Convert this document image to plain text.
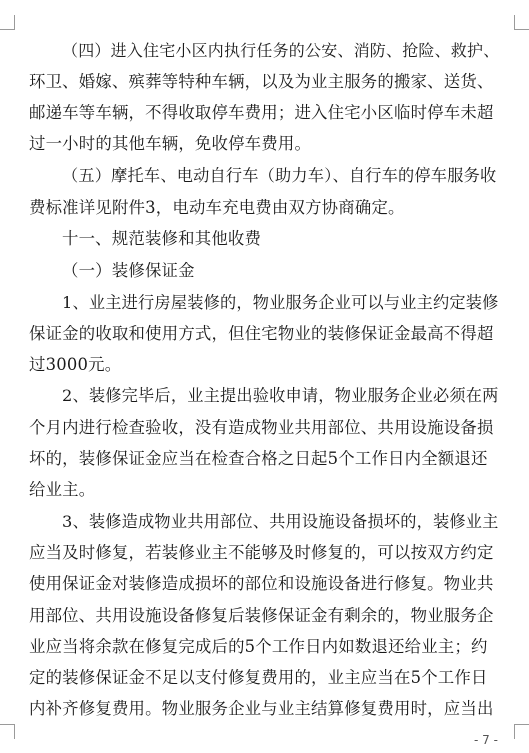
（四）进入住宅小区内执行任务的公安、消防、抢险、救护、
环卫、婚嫁、殡葬等特种车辆，以及为业主服务的搬家、送货、
邮递车等车辆，不得收取停车费用；进入住宅小区临时停车未超
过一小时的其他车辆，免收停车费用。
（五）摩托车、电动自行车（助力车）、自行车的停车服务收
费标准详见附件3，电动车充电费由双方协商确定。
十一、规范装修和其他收费
（一）装修保证金
1、业主进行房屋装修的，物业服务企业可以与业主约定装修
保证金的收取和使用方式，但住宅物业的装修保证金最高不得超
过3000元。
2、装修完毕后，业主提出验收申请，物业服务企业必须在两
个月内进行检查验收，没有造成物业共用部位、共用设施设备损
坏的，装修保证金应当在检查合格之日起5个工作日内全额退还
给业主。
3、装修造成物业共用部位、共用设施设备损坏的，装修业主
应当及时修复，若装修业主不能够及时修复的，可以按双方约定
使用保证金对装修造成损坏的部位和设施设备进行修复。物业共
用部位、共用设施设备修复后装修保证金有剩余的，物业服务企
业应当将余款在修复完成后的5个工作日内如数退还给业主；约
定的装修保证金不足以支付修复费用的，业主应当在5个工作日
内补齐修复费用。物业服务企业与业主结算修复费用时，应当出
- 7 -
